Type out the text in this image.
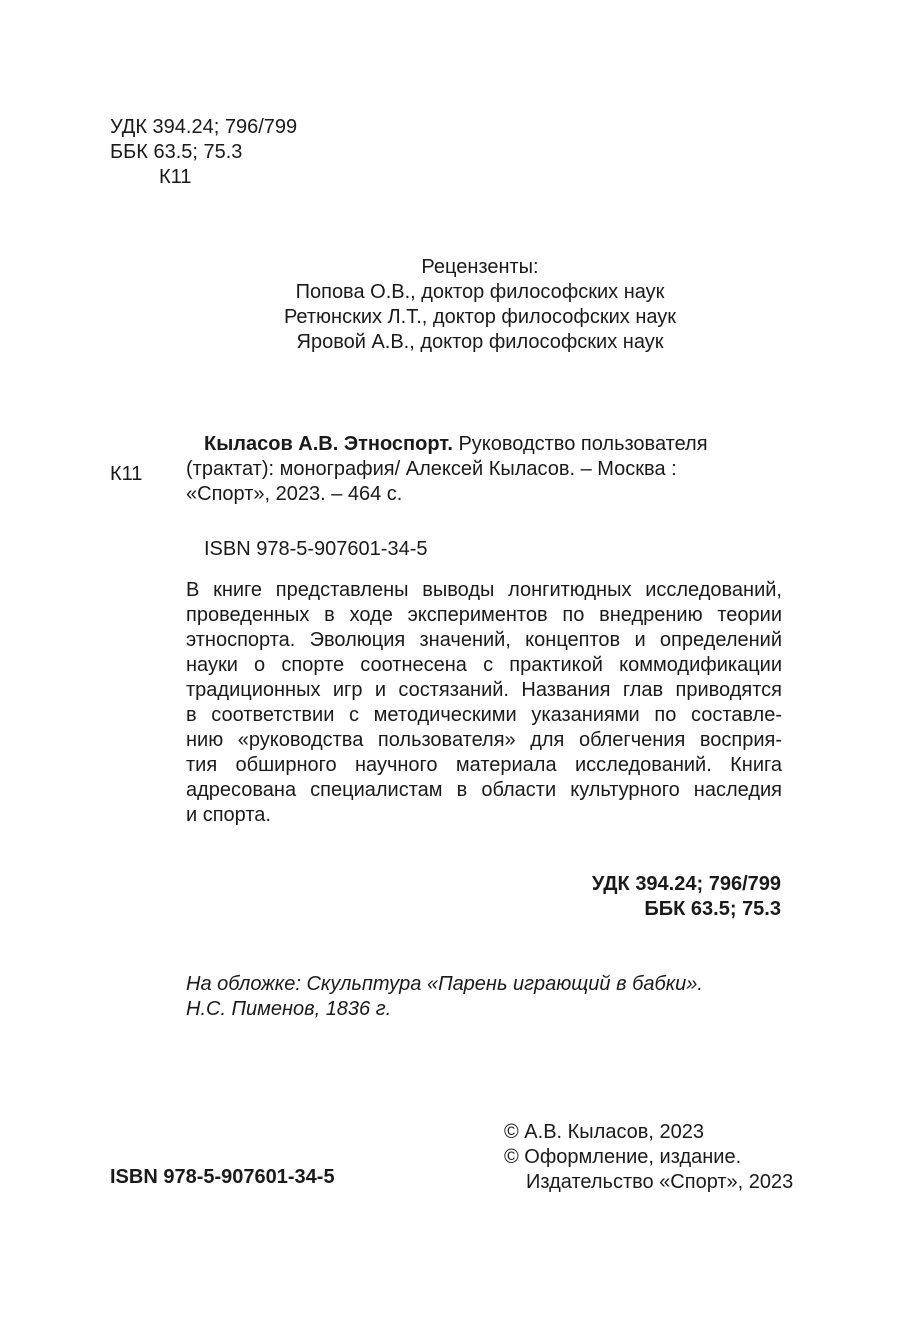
УДК 394.24; 796/799
ББК 63.5; 75.3
К11
Рецензенты:
Попова О.В., доктор философских наук
Ретюнских Л.Т., доктор философских наук
Яровой А.В., доктор философских наук
К11
Кыласов А.В. Этноспорт. Руководство пользователя
(трактат): монография/ Алексей Кыласов. – Москва :
«Спорт», 2023. – 464 с.
ISBN 978-5-907601-34-5
В книге представлены выводы лонгитюдных исследований,
проведенных в ходе экспериментов по внедрению теории
этноспорта. Эволюция значений, концептов и определений
науки о спорте соотнесена с практикой коммодификации
традиционных игр и состязаний. Названия глав приводятся
в соответствии с методическими указаниями по составле-
нию «руководства пользователя» для облегчения восприя-
тия обширного научного материала исследований. Книга
адресована специалистам в области культурного наследия
и спорта.
УДК 394.24; 796/799
ББК 63.5; 75.3
На обложке: Скульптура «Парень играющий в бабки».
Н.С. Пименов, 1836 г.
© А.В. Кыласов, 2023
© Оформление, издание.
Издательство «Спорт», 2023
ISBN 978-5-907601-34-5
